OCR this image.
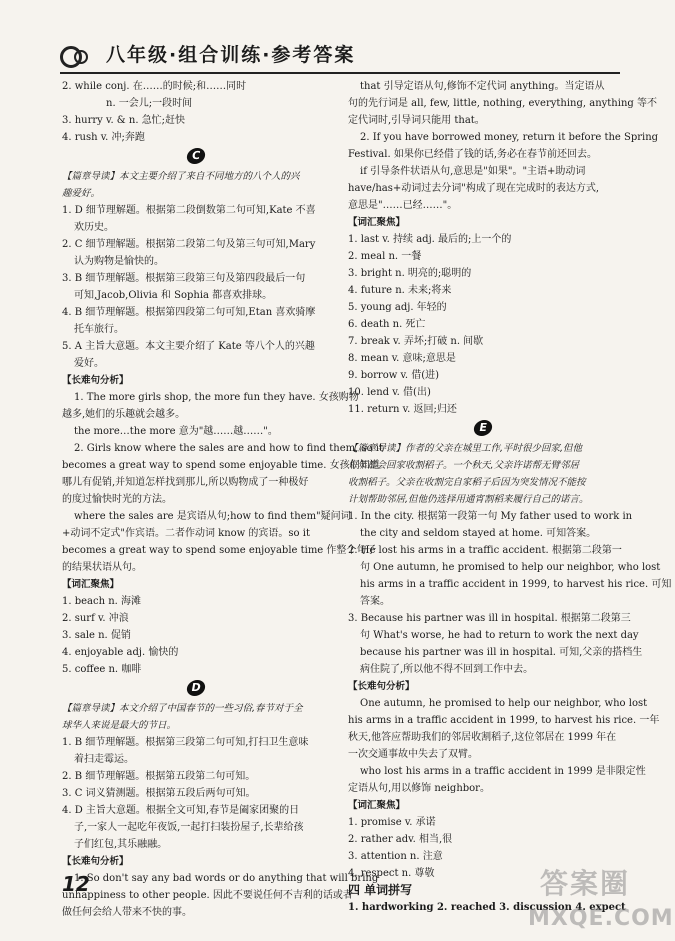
八年级·组合训练·参考答案
2. while conj. 在……的时候;和……同时
n. 一会儿;一段时间
3. hurry v. & n. 急忙;赶快
4. rush v. 冲;奔跑
C
【篇章导读】本文主要介绍了来自不同地方的八个人的兴
趣爱好。
1. D 细节理解题。根据第二段倒数第二句可知,Kate 不喜
欢历史。
2. C 细节理解题。根据第二段第二句及第三句可知,Mary
认为购物是愉快的。
3. B 细节理解题。根据第三段第三句及第四段最后一句
可知,Jacob,Olivia 和 Sophia 都喜欢排球。
4. B 细节理解题。根据第四段第二句可知,Etan 喜欢骑摩
托车旅行。
5. A 主旨大意题。本文主要介绍了 Kate 等八个人的兴趣
爱好。
【长难句分析】
1. The more girls shop, the more fun they have. 女孩购物
越多,她们的乐趣就会越多。
the more…the more 意为"越……越……"。
2. Girls know where the sales are and how to find them, so it
becomes a great way to spend some enjoyable time. 女孩们知道
哪儿有促销,并知道怎样找到那儿,所以购物成了一种极好
的度过愉快时光的方法。
where the sales are 是宾语从句;how to find them"疑问词
+动词不定式"作宾语。二者作动词 know 的宾语。so it
becomes a great way to spend some enjoyable time 作整个句子
的结果状语从句。
【词汇聚焦】
1. beach n. 海滩
2. surf v. 冲浪
3. sale n. 促销
4. enjoyable adj. 愉快的
5. coffee n. 咖啡
D
【篇章导读】本文介绍了中国春节的一些习俗,春节对于全
球华人来说是最大的节日。
1. B 细节理解题。根据第三段第二句可知,打扫卫生意味
着扫走霉运。
2. B 细节理解题。根据第五段第二句可知。
3. C 词义猜测题。根据第五段后两句可知。
4. D 主旨大意题。根据全文可知,春节是阖家团聚的日
子,一家人一起吃年夜饭,一起打扫装扮屋子,长辈给孩
子们红包,其乐融融。
【长难句分析】
1. So don't say any bad words or do anything that will bring
unhappiness to other people. 因此不要说任何不吉利的话或者
做任何会给人带来不快的事。
that 引导定语从句,修饰不定代词 anything。当定语从
句的先行词是 all, few, little, nothing, everything, anything 等不
定代词时,引导词只能用 that。
2. If you have borrowed money, return it before the Spring
Festival. 如果你已经借了钱的话,务必在春节前还回去。
if 引导条件状语从句,意思是"如果"。"主语+助动词
have/has+动词过去分词"构成了现在完成时的表达方式,
意思是"……已经……"。
【词汇聚焦】
1. last v. 持续 adj. 最后的;上一个的
2. meal n. 一餐
3. bright n. 明亮的;聪明的
4. future n. 未来;将来
5. young adj. 年轻的
6. death n. 死亡
7. break v. 弄坏;打破 n. 间歇
8. mean v. 意味;意思是
9. borrow v. 借(进)
10. lend v. 借(出)
11. return v. 返回;归还
E
【篇章导读】作者的父亲在城里工作,平时很少回家,但他
每年都会回家收割稻子。一个秋天,父亲许诺帮无臂邻居
收割稻子。父亲在收割完自家稻子后因为突发情况不能按
计划帮助邻居,但他仍选择用通宵割稻来履行自己的诺言。
1. In the city. 根据第一段第一句 My father used to work in
the city and seldom stayed at home. 可知答案。
2. He lost his arms in a traffic accident. 根据第二段第一
句 One autumn, he promised to help our neighbor, who lost
his arms in a traffic accident in 1999, to harvest his rice. 可知
答案。
3. Because his partner was ill in hospital. 根据第二段第三
句 What's worse, he had to return to work the next day
because his partner was ill in hospital. 可知,父亲的搭档生
病住院了,所以他不得不回到工作中去。
【长难句分析】
One autumn, he promised to help our neighbor, who lost
his arms in a traffic accident in 1999, to harvest his rice. 一年
秋天,他答应帮助我们的邻居收割稻子,这位邻居在 1999 年在
一次交通事故中失去了双臂。
who lost his arms in a traffic accident in 1999 是非限定性
定语从句,用以修饰 neighbor。
【词汇聚焦】
1. promise v. 承诺
2. rather adv. 相当,很
3. attention n. 注意
4. respect n. 尊敬
四 单词拼写
1. hardworking 2. reached 3. discussion 4. expect
12	答案圈
MXQE.COM
